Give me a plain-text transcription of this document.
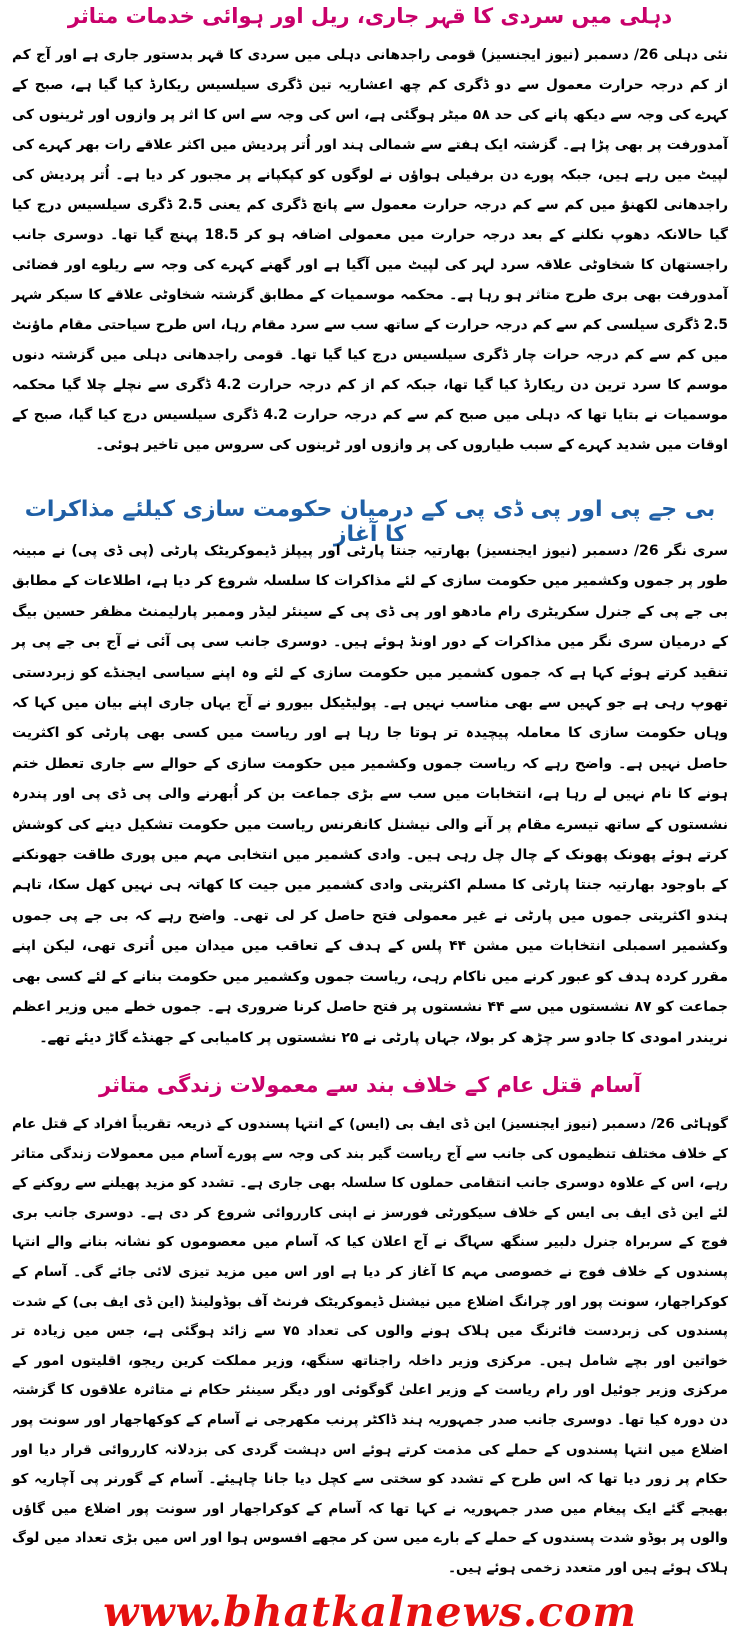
دہلی میں سردی کا قہر جاری، ریل اور ہوائی خدمات متاثر
نئی دہلی 26/ دسمبر (نیوز ایجنسیز) قومی راجدھانی دہلی میں سردی کا قہر بدستور جاری ہے اور آج کم از کم درجہ حرارت معمول سے دو ڈگری کم چھ اعشاریہ تین ڈگری سیلسیس ریکارڈ کیا گیا ہے، صبح کے کہرے کی وجہ سے دیکھ پانے کی حد ۵۸ میٹر ہوگئی ہے، اس کی وجہ سے اس کا اثر پر وازوں اور ٹرینوں کی آمدورفت پر بھی پڑا ہے۔ گزشتہ ایک ہفتے سے شمالی ہند اور اُتر پردیش میں اکثر علاقے رات بھر کہرے کی لپیٹ میں رہے ہیں، جبکہ پورے دن برفیلی ہواؤں نے لوگوں کو کپکپانے پر مجبور کر دیا ہے۔ اُتر پردیش کی راجدھانی لکھنؤ میں کم سے کم درجہ حرارت معمول سے پانچ ڈگری کم یعنی 2.5 ڈگری سیلسیس درج کیا گیا حالانکہ دھوپ نکلنے کے بعد درجہ حرارت میں معمولی اضافہ ہو کر 18.5 پہنچ گیا تھا۔ دوسری جانب راجستھان کا شخاوٹی علاقہ سرد لہر کی لپیٹ میں آگیا ہے اور گھنے کہرے کی وجہ سے ریلوے اور فضائی آمدورفت بھی بری طرح متاثر ہو رہا ہے۔ محکمہ موسمیات کے مطابق گزشتہ شخاوٹی علاقے کا سیکر شہر 2.5 ڈگری سیلسی کم سے کم درجہ حرارت کے ساتھ سب سے سرد مقام رہا، اس طرح سیاحتی مقام ماؤنٹ میں کم سے کم درجہ حرات چار ڈگری سیلسیس درج کیا گیا تھا۔ قومی راجدھانی دہلی میں گزشتہ دنوں موسم کا سرد ترین دن ریکارڈ کیا گیا تھا، جبکہ کم از کم درجہ حرارت 4.2 ڈگری سے نچلے چلا گیا محکمہ موسمیات نے بتایا تھا کہ دہلی میں صبح کم سے کم درجہ حرارت 4.2 ڈگری سیلسیس درج کیا گیا، صبح کے اوقات میں شدید کہرے کے سبب طیاروں کی پر وازوں اور ٹرینوں کی سروس میں تاخیر ہوئی۔
بی جے پی اور پی ڈی پی کے درمیان حکومت سازی کیلئے مذاکرات کا آغاز
سری نگر 26/ دسمبر (نیوز ایجنسیز) بھارتیہ جنتا پارٹی اور پیپلز ڈیموکریٹک پارٹی (پی ڈی پی) نے مبینہ طور پر جموں وکشمیر میں حکومت سازی کے لئے مذاکرات کا سلسلہ شروع کر دیا ہے، اطلاعات کے مطابق بی جے پی کے جنرل سکریٹری رام مادھو اور پی ڈی پی کے سینئر لیڈر وممبر پارلیمنٹ مظفر حسین بیگ کے درمیان سری نگر میں مذاکرات کے دور اونڈ ہوئے ہیں۔ دوسری جانب سی پی آئی نے آج بی جے پی پر تنقید کرتے ہوئے کہا ہے کہ جموں کشمیر میں حکومت سازی کے لئے وہ اپنے سیاسی ایجنڈے کو زبردستی تھوپ رہی ہے جو کہیں سے بھی مناسب نہیں ہے۔ پولیٹیکل بیورو نے آج یہاں جاری اپنے بیان میں کہا کہ وہاں حکومت سازی کا معاملہ پیچیدہ تر ہوتا جا رہا ہے اور ریاست میں کسی بھی پارٹی کو اکثریت حاصل نہیں ہے۔ واضح رہے کہ ریاست جموں وکشمیر میں حکومت سازی کے حوالے سے جاری تعطل ختم ہونے کا نام نہیں لے رہا ہے، انتخابات میں سب سے بڑی جماعت بن کر اُبھرنے والی پی ڈی پی اور پندرہ نشستوں کے ساتھ تیسرے مقام پر آنے والی نیشنل کانفرنس ریاست میں حکومت تشکیل دینے کی کوشش کرتے ہوئے پھونک پھونک کے چال چل رہی ہیں۔ وادی کشمیر میں انتخابی مہم میں پوری طاقت جھونکنے کے باوجود بھارتیہ جنتا پارٹی کا مسلم اکثریتی وادی کشمیر میں جیت کا کھاتہ ہی نہیں کھل سکا، تاہم ہندو اکثریتی جموں میں پارٹی نے غیر معمولی فتح حاصل کر لی تھی۔ واضح رہے کہ بی جے پی جموں وکشمیر اسمبلی انتخابات میں مشن ۴۴ پلس کے ہدف کے تعاقب میں میدان میں اُتری تھی، لیکن اپنے مقرر کردہ ہدف کو عبور کرنے میں ناکام رہی، ریاست جموں وکشمیر میں حکومت بنانے کے لئے کسی بھی جماعت کو ۸۷ نشستوں میں سے ۴۴ نشستوں پر فتح حاصل کرنا ضروری ہے۔ جموں خطے میں وزیر اعظم نریندر امودی کا جادو سر چڑھ کر بولا، جہاں پارٹی نے ۲۵ نشستوں پر کامیابی کے جھنڈے گاڑ دیئے تھے۔
آسام قتل عام کے خلاف بند سے معمولات زندگی متاثر
گوہاٹی 26/ دسمبر (نیوز ایجنسیز) این ڈی ایف بی (ایس) کے انتہا پسندوں کے ذریعہ تقریباً افراد کے قتل عام کے خلاف مختلف تنظیموں کی جانب سے آج ریاست گیر بند کی وجہ سے پورے آسام میں معمولات زندگی متاثر رہے، اس کے علاوہ دوسری جانب انتقامی حملوں کا سلسلہ بھی جاری ہے۔ تشدد کو مزید پھیلنے سے روکنے کے لئے این ڈی ایف بی ایس کے خلاف سیکورٹی فورسز نے اپنی کارروائی شروع کر دی ہے۔ دوسری جانب بری فوج کے سربراہ جنرل دلبیر سنگھ سہاگ نے آج اعلان کیا کہ آسام میں معصوموں کو نشانہ بنانے والے انتہا پسندوں کے خلاف فوج نے خصوصی مہم کا آغاز کر دیا ہے اور اس میں مزید تیزی لائی جائے گی۔ آسام کے کوکراجھار، سونت پور اور چرانگ اضلاع میں نیشنل ڈیموکریٹک فرنٹ آف بوڈولینڈ (این ڈی ایف بی) کے شدت پسندوں کی زبردست فائرنگ میں ہلاک ہونے والوں کی تعداد ۷۵ سے زائد ہوگئی ہے، جس میں زیادہ تر خواتین اور بچے شامل ہیں۔ مرکزی وزیر داخلہ راجناتھ سنگھ، وزیر مملکت کرین ریجو، اقلیتوں امور کے مرکزی وزیر جوئیل اور رام ریاست کے وزیر اعلیٰ گوگوئی اور دیگر سینئر حکام نے متاثرہ علاقوں کا گزشتہ دن دورہ کیا تھا۔ دوسری جانب صدر جمہوریہ ہند ڈاکٹر پرنب مکھرجی نے آسام کے کوکھاجھار اور سونت پور اضلاع میں انتہا پسندوں کے حملے کی مذمت کرتے ہوئے اس دہشت گردی کی بزدلانہ کارروائی قرار دیا اور حکام پر زور دیا تھا کہ اس طرح کے تشدد کو سختی سے کچل دیا جانا چاہیئے۔ آسام کے گورنر پی آچاریہ کو بھیجے گئے ایک پیغام میں صدر جمہوریہ نے کہا تھا کہ آسام کے کوکراجھار اور سونت پور اضلاع میں گاؤں والوں پر بوڈو شدت پسندوں کے حملے کے بارے میں سن کر مجھے افسوس ہوا اور اس میں بڑی تعداد میں لوگ ہلاک ہوئے ہیں اور متعدد زخمی ہوئے ہیں۔
www.bhatkalnews.com
